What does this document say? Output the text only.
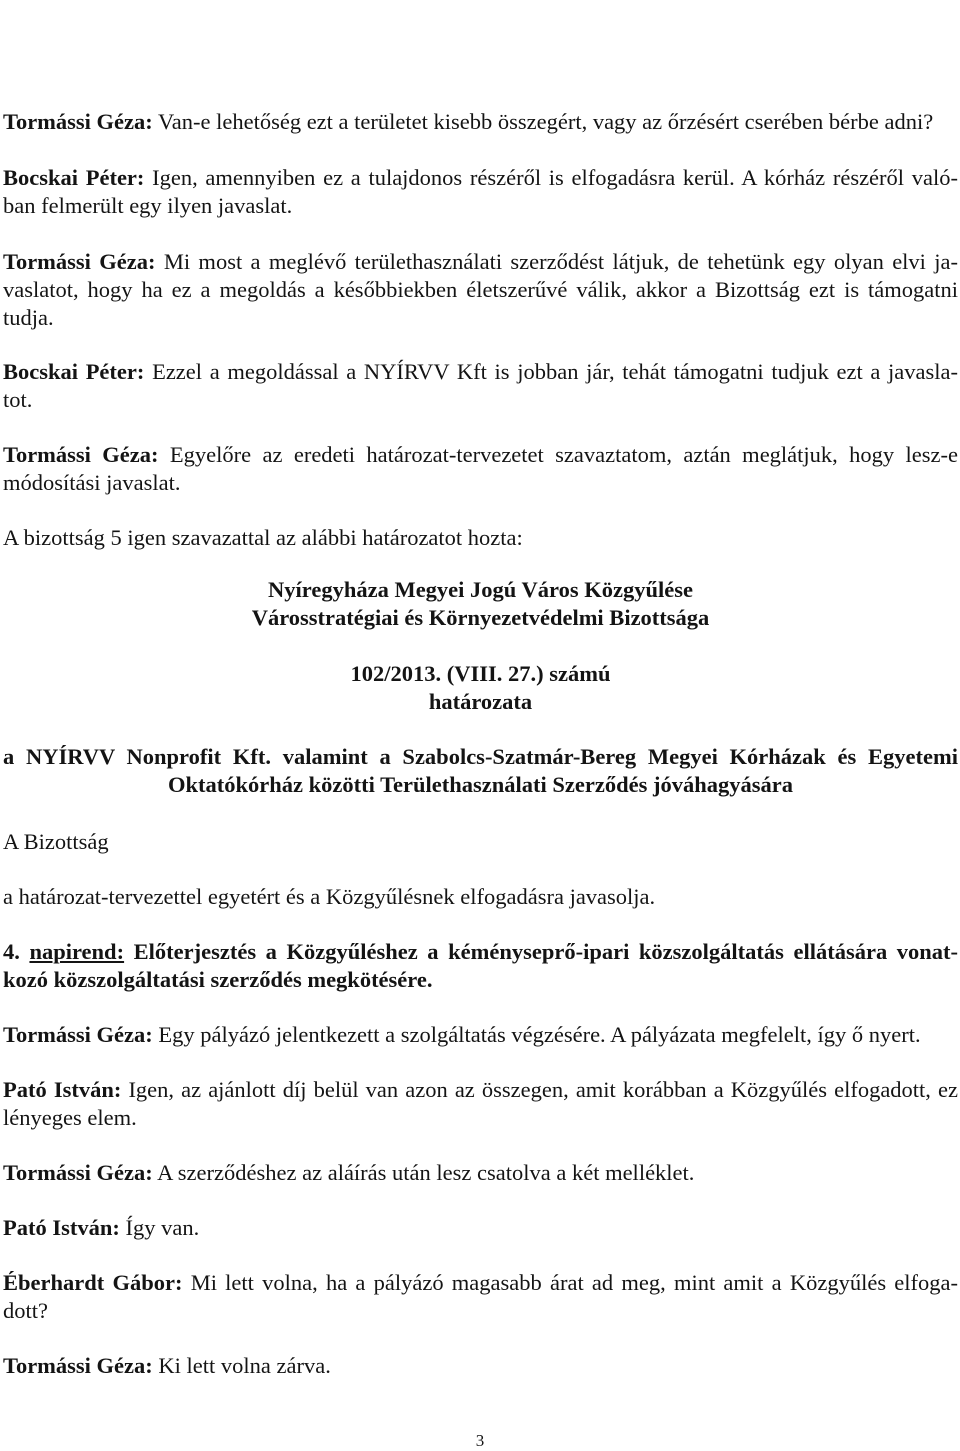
Tormássi Géza: Van-e lehetőség ezt a területet kisebb összegért, vagy az őrzésért cserében bérbe adni?
Bocskai Péter: Igen, amennyiben ez a tulajdonos részéről is elfogadásra kerül. A kórház részéről való-
ban felmerült egy ilyen javaslat.
Tormássi Géza: Mi most a meglévő területhasználati szerződést látjuk, de tehetünk egy olyan elvi ja-
vaslatot, hogy ha ez a megoldás a későbbiekben életszerűvé válik, akkor a Bizottság ezt is támogatni
tudja.
Bocskai Péter: Ezzel a megoldással a NYÍRVV Kft is jobban jár, tehát támogatni tudjuk ezt a javasla-
tot.
Tormássi Géza: Egyelőre az eredeti határozat-tervezetet szavaztatom, aztán meglátjuk, hogy lesz-e
módosítási javaslat.
A bizottság 5 igen szavazattal az alábbi határozatot hozta:
Nyíregyháza Megyei Jogú Város Közgyűlése
Városstratégiai és Környezetvédelmi Bizottsága
102/2013. (VIII. 27.) számú
határozata
a NYÍRVV Nonprofit Kft. valamint a Szabolcs-Szatmár-Bereg Megyei Kórházak és Egyetemi
Oktatókórház közötti Területhasználati Szerződés jóváhagyására
A Bizottság
a határozat-tervezettel egyetért és a Közgyűlésnek elfogadásra javasolja.
4. napirend: Előterjesztés a Közgyűléshez a kéményseprő-ipari közszolgáltatás ellátására vonat-
kozó közszolgáltatási szerződés megkötésére.
Tormássi Géza: Egy pályázó jelentkezett a szolgáltatás végzésére. A pályázata megfelelt, így ő nyert.
Pató István: Igen, az ajánlott díj belül van azon az összegen, amit korábban a Közgyűlés elfogadott, ez
lényeges elem.
Tormássi Géza: A szerződéshez az aláírás után lesz csatolva a két melléklet.
Pató István: Így van.
Éberhardt Gábor: Mi lett volna, ha a pályázó magasabb árat ad meg, mint amit a Közgyűlés elfoga-
dott?
Tormássi Géza: Ki lett volna zárva.
3
